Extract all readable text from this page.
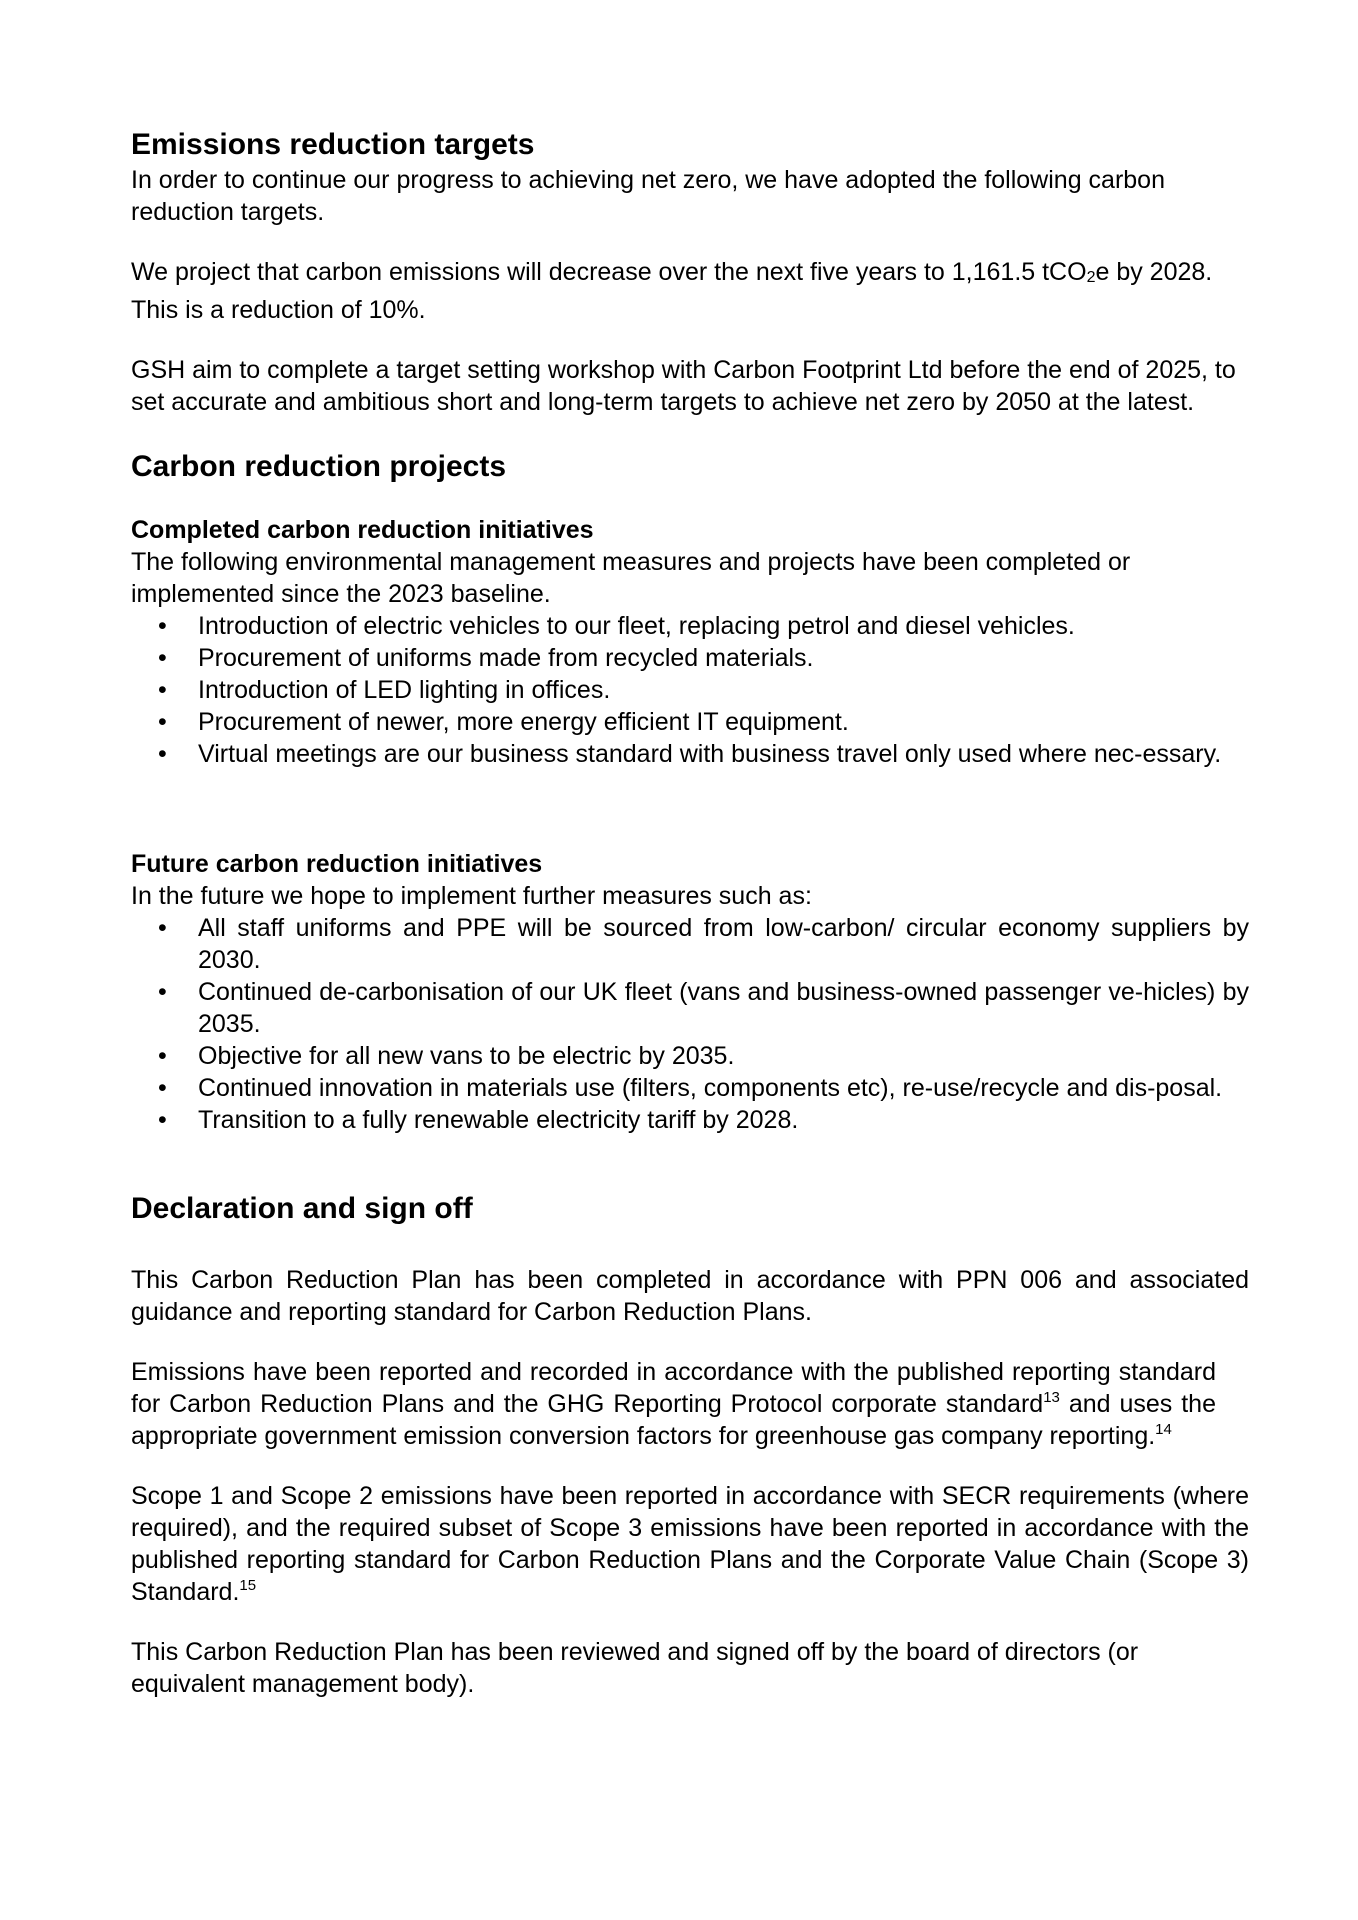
Emissions reduction targets

In order to continue our progress to achieving net zero, we have adopted the following carbon reduction targets.

We project that carbon emissions will decrease over the next five years to 1,161.5 tCO2e by 2028. This is a reduction of 10%.

GSH aim to complete a target setting workshop with Carbon Footprint Ltd before the end of 2025, to set accurate and ambitious short and long-term targets to achieve net zero by 2050 at the latest.

Carbon reduction projects
Completed carbon reduction initiatives

The following environmental management measures and projects have been completed or implemented since the 2023 baseline.

• Introduction of electric vehicles to our fleet, replacing petrol and diesel vehicles.
• Procurement of uniforms made from recycled materials.
• Introduction of LED lighting in offices.
• Procurement of newer, more energy efficient IT equipment.
• Virtual meetings are our business standard with business travel only used where nec-essary.
Future carbon reduction initiatives

In the future we hope to implement further measures such as:

• All staff uniforms and PPE will be sourced from low-carbon/ circular economy suppliers by 2030.
• Continued de-carbonisation of our UK fleet (vans and business-owned passenger ve-hicles) by 2035.
• Objective for all new vans to be electric by 2035.
• Continued innovation in materials use (filters, components etc), re-use/recycle and dis-posal.
• Transition to a fully renewable electricity tariff by 2028.
Declaration and sign off

This Carbon Reduction Plan has been completed in accordance with PPN 006 and associated guidance and reporting standard for Carbon Reduction Plans.

Emissions have been reported and recorded in accordance with the published reporting standard for Carbon Reduction Plans and the GHG Reporting Protocol corporate standard$^{13}$ and uses the appropriate government emission conversion factors for greenhouse gas company reporting.$^{14}$

Scope 1 and Scope 2 emissions have been reported in accordance with SECR requirements (where required), and the required subset of Scope 3 emissions have been reported in accordance with the published reporting standard for Carbon Reduction Plans and the Corporate Value Chain (Scope 3) Standard.$^{15}$

This Carbon Reduction Plan has been reviewed and signed off by the board of directors (or equivalent management body).
